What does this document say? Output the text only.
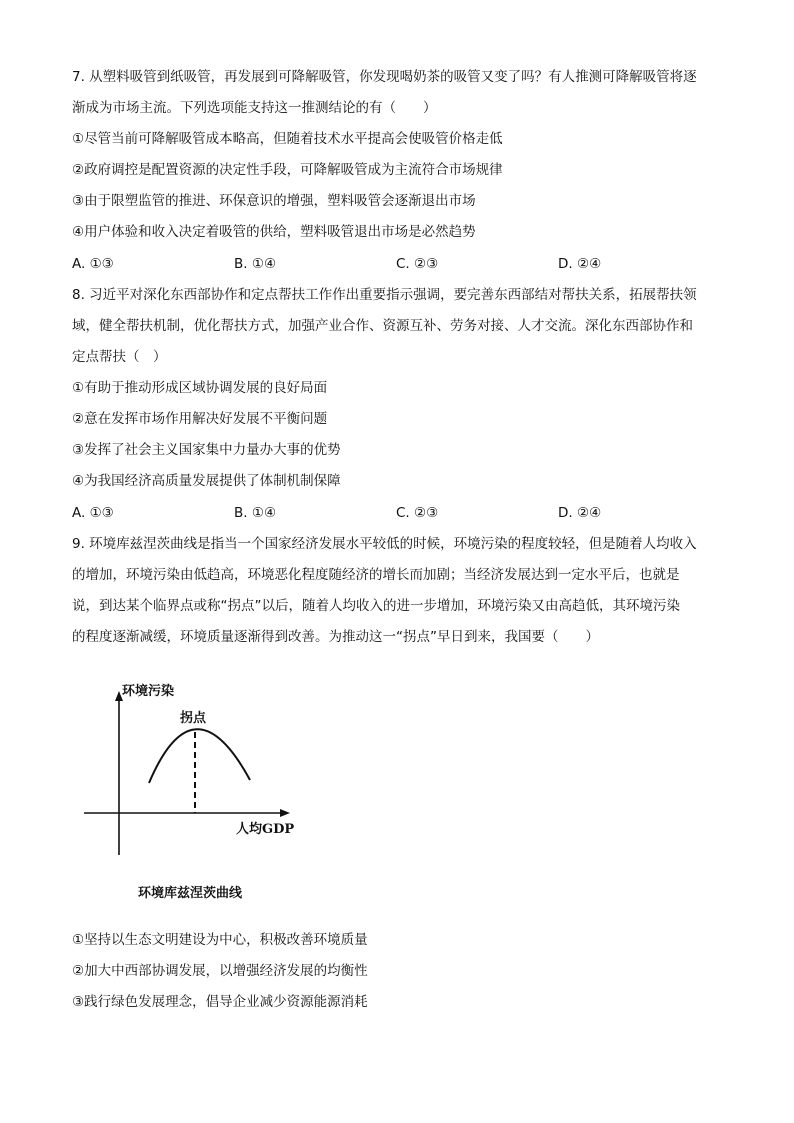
7. 从塑料吸管到纸吸管，再发展到可降解吸管，你发现喝奶茶的吸管又变了吗？有人推测可降解吸管将逐
渐成为市场主流。下列选项能支持这一推测结论的有（　　）
①尽管当前可降解吸管成本略高，但随着技术水平提高会使吸管价格走低
②政府调控是配置资源的决定性手段，可降解吸管成为主流符合市场规律
③由于限塑监管的推进、环保意识的增强，塑料吸管会逐渐退出市场
④用户体验和收入决定着吸管的供给，塑料吸管退出市场是必然趋势
A. ①③	B. ①④	C. ②③	D. ②④
8. 习近平对深化东西部协作和定点帮扶工作作出重要指示强调，要完善东西部结对帮扶关系，拓展帮扶领
域，健全帮扶机制，优化帮扶方式，加强产业合作、资源互补、劳务对接、人才交流。深化东西部协作和
定点帮扶（　）
①有助于推动形成区域协调发展的良好局面
②意在发挥市场作用解决好发展不平衡问题
③发挥了社会主义国家集中力量办大事的优势
④为我国经济高质量发展提供了体制机制保障
A. ①③	B. ①④	C. ②③	D. ②④
9. 环境库兹涅茨曲线是指当一个国家经济发展水平较低的时候，环境污染的程度较轻，但是随着人均收入
的增加，环境污染由低趋高，环境恶化程度随经济的增长而加剧；当经济发展达到一定水平后，也就是
说，到达某个临界点或称“拐点”以后，随着人均收入的进一步增加，环境污染又由高趋低，其环境污染
的程度逐渐减缓，环境质量逐渐得到改善。为推动这一“拐点”早日到来，我国要（　　）
环境污染
拐点
人均GDP
环境库兹涅茨曲线
①坚持以生态文明建设为中心，积极改善环境质量
②加大中西部协调发展，以增强经济发展的均衡性
③践行绿色发展理念，倡导企业减少资源能源消耗
